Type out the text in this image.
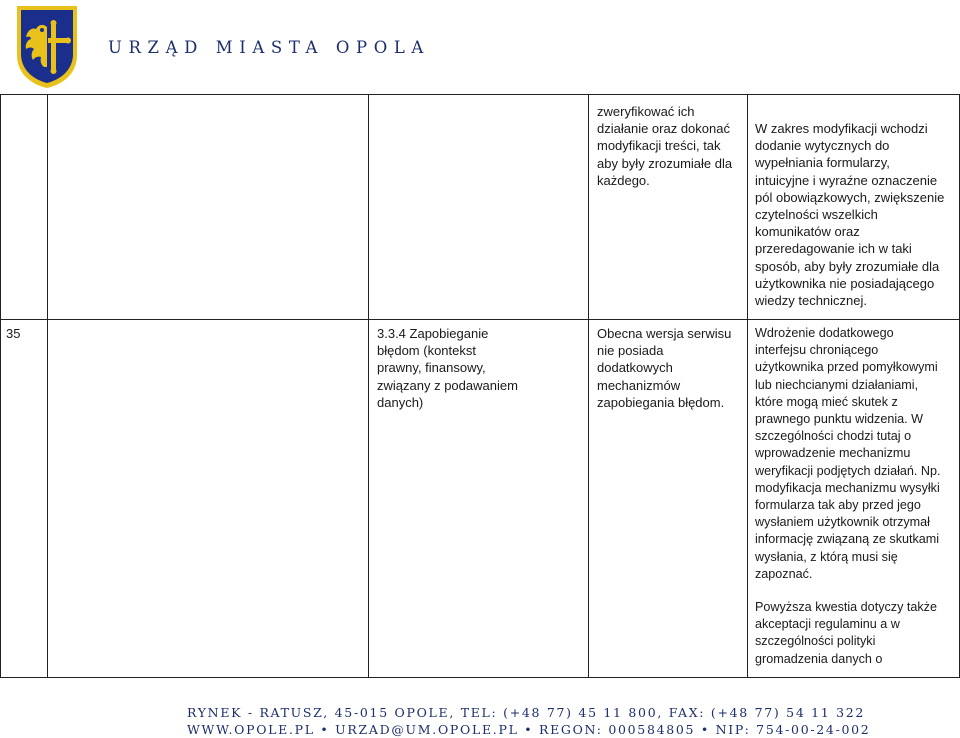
URZĄD MIASTA OPOLA
zweryfikować ich
działanie oraz dokonać
modyfikacji treści, tak
aby były zrozumiałe dla
każdego.
W zakres modyfikacji wchodzi
dodanie wytycznych do
wypełniania formularzy,
intuicyjne i wyraźne oznaczenie
pól obowiązkowych, zwiększenie
czytelności wszelkich
komunikatów oraz
przeredagowanie ich w taki
sposób, aby były zrozumiałe dla
użytkownika nie posiadającego
wiedzy technicznej.
35	3.3.4 Zapobieganie
błędom (kontekst
prawny, finansowy,
związany z podawaniem
danych)
Obecna wersja serwisu
nie posiada
dodatkowych
mechanizmów
zapobiegania błędom.
Wdrożenie dodatkowego
interfejsu chroniącego
użytkownika przed pomyłkowymi
lub niechcianymi działaniami,
które mogą mieć skutek z
prawnego punktu widzenia. W
szczególności chodzi tutaj o
wprowadzenie mechanizmu
weryfikacji podjętych działań. Np.
modyfikacja mechanizmu wysyłki
formularza tak aby przed jego
wysłaniem użytkownik otrzymał
informację związaną ze skutkami
wysłania, z którą musi się
zapoznać.
Powyższa kwestia dotyczy także
akceptacji regulaminu a w
szczególności polityki
gromadzenia danych o
RYNEK - RATUSZ, 45-015 OPOLE, TEL: (+48 77) 45 11 800, FAX: (+48 77) 54 11 322
WWW.OPOLE.PL • URZAD@UM.OPOLE.PL • REGON: 000584805 • NIP: 754-00-24-002
